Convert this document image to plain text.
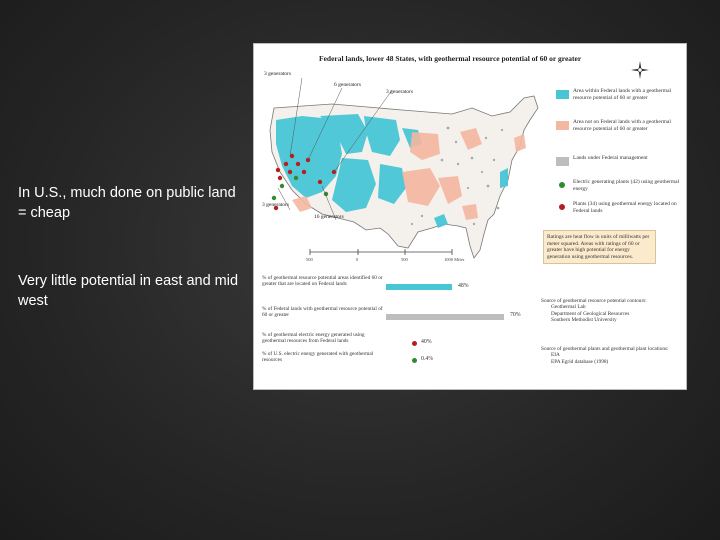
In U.S., much done on public land = cheap

Very little potential in east and mid west

Federal lands, lower 48 States, with geothermal resource potential of 60 or greater
3 generators
6 generators
3 generators
3 generators
16 generators
500	0	500	1000 Miles
Area within Federal lands with a geothermal resource potential of 60 or greater
Area not on Federal lands with a geothermal resource potential of 60 or greater
Lands under Federal management
Electric generating plants (42) using geothermal energy
Plants (34) using geothermal energy located on Federal lands
Ratings are heat flow in units of milliwatts per meter squared. Areas with ratings of 60 or greater have high potential for energy generation using geothermal resources.
% of geothermal resource potential areas identified 60 or greater that are located on Federal lands	48%
% of Federal lands with geothermal resource potential of 60 or greater	70%
% of geothermal electric energy generated using geothermal resources from Federal lands	40%
% of U.S. electric energy generated with geothermal resources	0.4%
Source of geothermal resource potential contours:
Geothermal Lab
Department of Geological Resources
Southern Methodist University
Source of geothermal plants and geothermal plant locations:
EIA
EPA Egrid database (1998)
